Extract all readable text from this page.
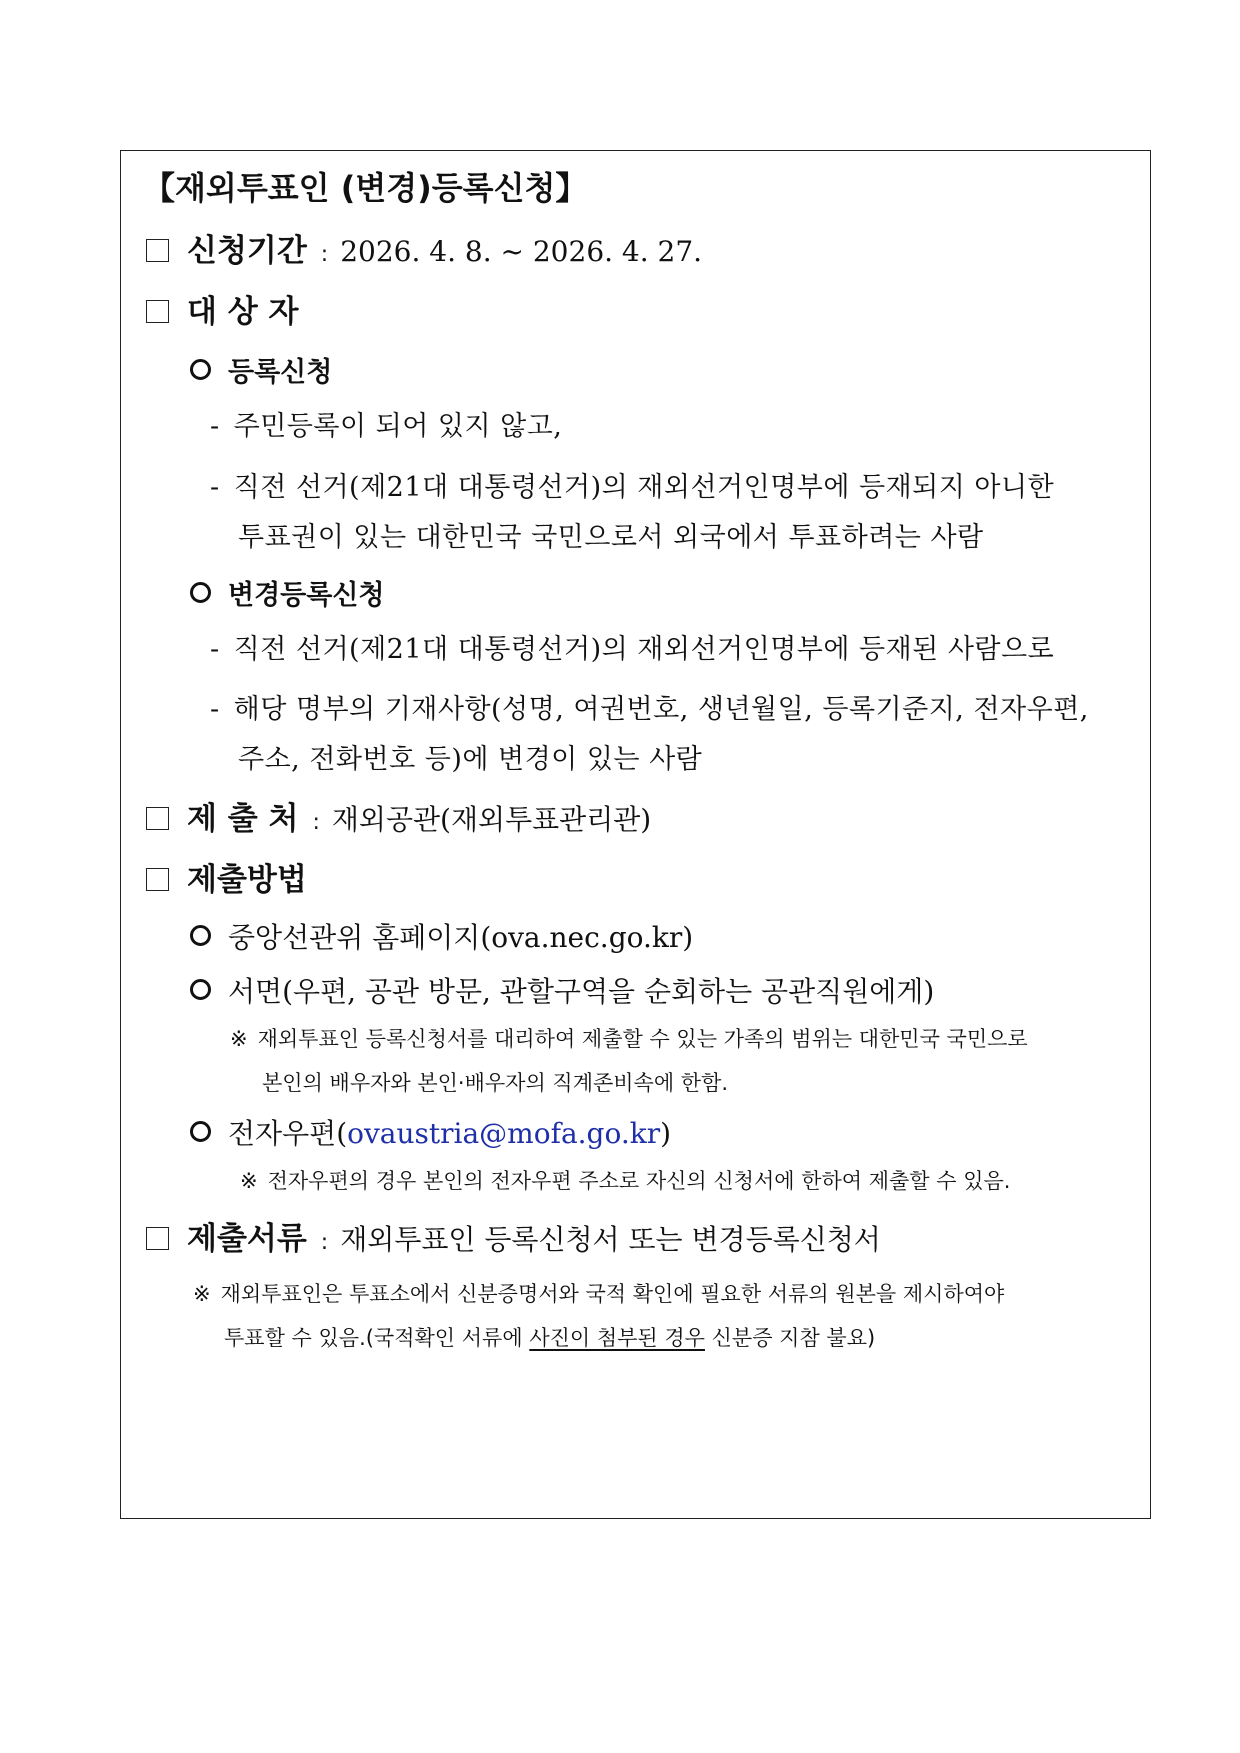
【재외투표인 (변경)등록신청】
신청기간 : 2026. 4. 8. ~ 2026. 4. 27.
대 상 자
등록신청
- 주민등록이 되어 있지 않고,
- 직전 선거(제21대 대통령선거)의 재외선거인명부에 등재되지 아니한
투표권이 있는 대한민국 국민으로서 외국에서 투표하려는 사람
변경등록신청
- 직전 선거(제21대 대통령선거)의 재외선거인명부에 등재된 사람으로
- 해당 명부의 기재사항(성명, 여권번호, 생년월일, 등록기준지, 전자우편,
주소, 전화번호 등)에 변경이 있는 사람
제 출 처 : 재외공관(재외투표관리관)
제출방법
중앙선관위 홈페이지(ova.nec.go.kr)
서면(우편, 공관 방문, 관할구역을 순회하는 공관직원에게)
※ 재외투표인 등록신청서를 대리하여 제출할 수 있는 가족의 범위는 대한민국 국민으로
본인의 배우자와 본인·배우자의 직계존비속에 한함.
전자우편(ovaustria@mofa.go.kr)
※ 전자우편의 경우 본인의 전자우편 주소로 자신의 신청서에 한하여 제출할 수 있음.
제출서류 : 재외투표인 등록신청서 또는 변경등록신청서
※ 재외투표인은 투표소에서 신분증명서와 국적 확인에 필요한 서류의 원본을 제시하여야
투표할 수 있음.(국적확인 서류에 사진이 첨부된 경우 신분증 지참 불요)
